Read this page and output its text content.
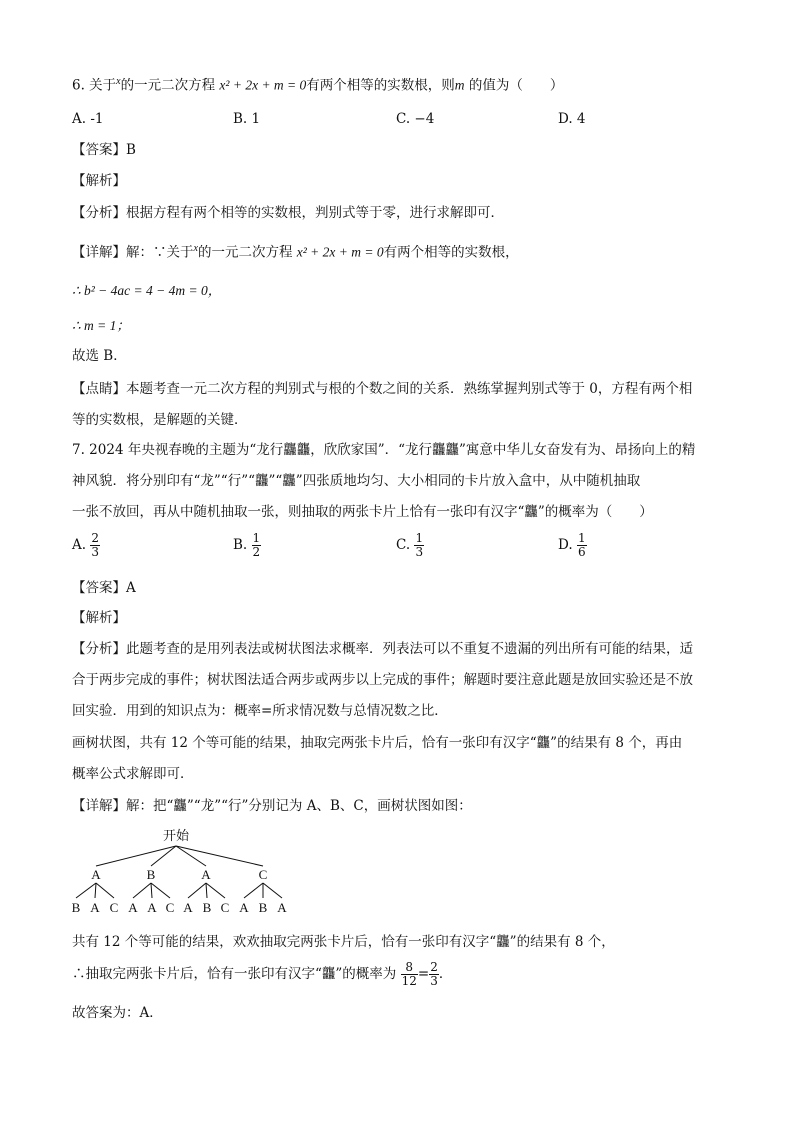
6. 关于$^x$的一元二次方程 x² + 2x + m = 0有两个相等的实数根，则m 的值为（　　）
A. -1	B. 1	C. −4	D. 4
【答案】B
【解析】
【分析】根据方程有两个相等的实数根，判别式等于零，进行求解即可．
【详解】解：∵关于$^x$的一元二次方程 x² + 2x + m = 0有两个相等的实数根，
∴ b² − 4ac = 4 − 4m = 0，
∴ m = 1；
故选 B．
【点睛】本题考查一元二次方程的判别式与根的个数之间的关系．熟练掌握判别式等于 0，方程有两个相
等的实数根，是解题的关键．
7. 2024 年央视春晚的主题为“龙行龘龘，欣欣家国”．“龙行龘龘”寓意中华儿女奋发有为、昂扬向上的精
神风貌．将分别印有“龙”“行”“龘”“龘”四张质地均匀、大小相同的卡片放入盒中，从中随机抽取
一张不放回，再从中随机抽取一张，则抽取的两张卡片上恰有一张印有汉字“龘”的概率为（　　）
A. $\frac{2}{3}$	B. $\frac{1}{2}$	C. $\frac{1}{3}$	D. $\frac{1}{6}$
【答案】A
【解析】
【分析】此题考查的是用列表法或树状图法求概率．列表法可以不重复不遗漏的列出所有可能的结果，适
合于两步完成的事件；树状图法适合两步或两步以上完成的事件；解题时要注意此题是放回实验还是不放
回实验．用到的知识点为：概率=所求情况数与总情况数之比．
画树状图，共有 12 个等可能的结果，抽取完两张卡片后，恰有一张印有汉字“龘”的结果有 8 个，再由
概率公式求解即可．
【详解】解：把“龘”“龙”“行”分别记为 A、B、C，画树状图如图：
开始
A	B	A	C
B A C A A C A B C A B A
共有 12 个等可能的结果，欢欢抽取完两张卡片后，恰有一张印有汉字“龘”的结果有 8 个，
∴抽取完两张卡片后，恰有一张印有汉字“龘”的概率为 $\frac{8}{12} = \frac{2}{3}$ ．
故答案为：A．
